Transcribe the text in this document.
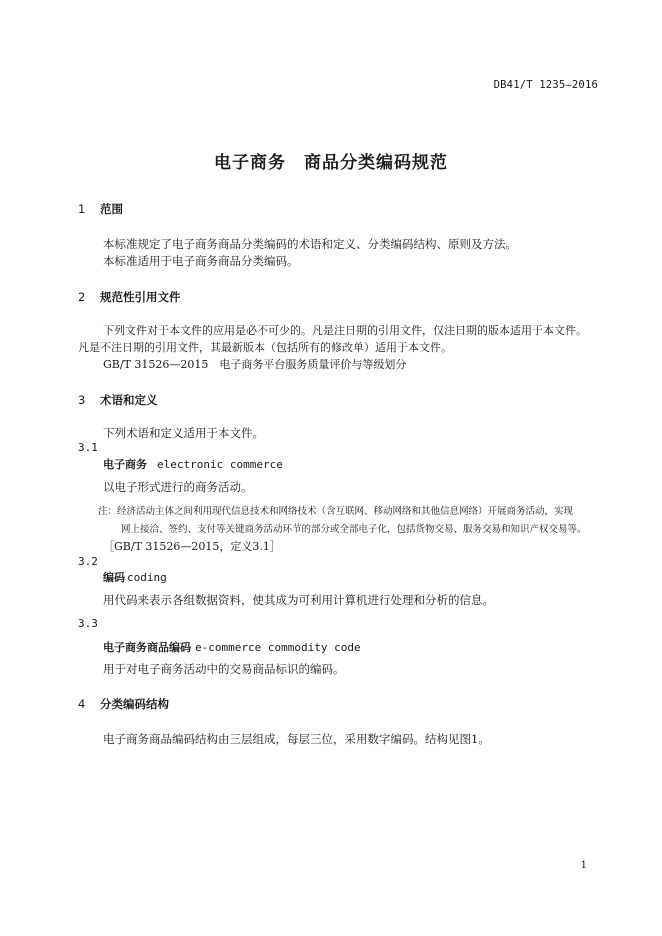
DB41/T 1235—2016
电子商务　商品分类编码规范
1 范围
本标准规定了电子商务商品分类编码的术语和定义、分类编码结构、原则及方法。
本标准适用于电子商务商品分类编码。
2 规范性引用文件
下列文件对于本文件的应用是必不可少的。凡是注日期的引用文件，仅注日期的版本适用于本文件。
凡是不注日期的引用文件，其最新版本（包括所有的修改单）适用于本文件。
GB/T 31526—2015　电子商务平台服务质量评价与等级划分
3 术语和定义
下列术语和定义适用于本文件。
3.1
电子商务 electronic commerce
以电子形式进行的商务活动。
注：经济活动主体之间利用现代信息技术和网络技术（含互联网、移动网络和其他信息网络）开展商务活动，实现
网上接洽、签约、支付等关键商务活动环节的部分或全部电子化，包括货物交易、服务交易和知识产权交易等。
［GB/T 31526—2015，定义3.1］
3.2
编码 coding
用代码来表示各组数据资料，使其成为可利用计算机进行处理和分析的信息。
3.3
电子商务商品编码 e-commerce commodity code
用于对电子商务活动中的交易商品标识的编码。
4 分类编码结构
电子商务商品编码结构由三层组成，每层三位，采用数字编码。结构见图1。
1
